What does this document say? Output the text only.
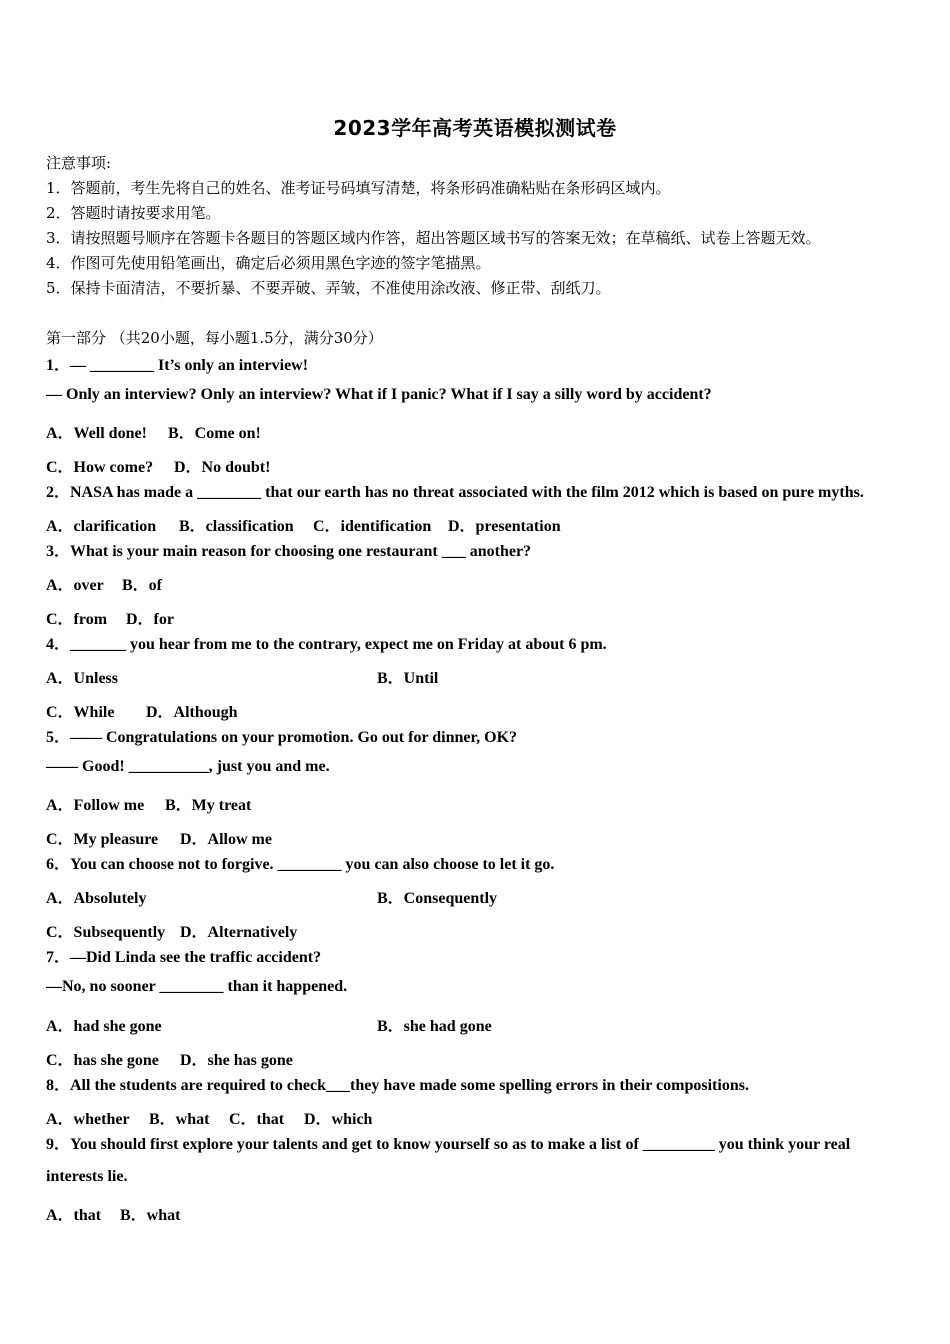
2023学年高考英语模拟测试卷
注意事项:
1．答题前，考生先将自己的姓名、准考证号码填写清楚，将条形码准确粘贴在条形码区域内。
2．答题时请按要求用笔。
3．请按照题号顺序在答题卡各题目的答题区域内作答，超出答题区域书写的答案无效；在草稿纸、试卷上答题无效。
4．作图可先使用铅笔画出，确定后必须用黑色字迹的签字笔描黑。
5．保持卡面清洁，不要折暴、不要弄破、弄皱，不准使用涂改液、修正带、刮纸刀。
第一部分 （共20小题，每小题1.5分，满分30分）
1．— ________ It’s only an interview!
— Only an interview? Only an interview? What if I panic? What if I say a silly word by accident?
A．Well done! B．Come on!
C．How come? D．No doubt!
2．NASA has made a ________ that our earth has no threat associated with the film 2012 which is based on pure myths.
A．clarification B．classification C．identification D．presentation
3．What is your main reason for choosing one restaurant ___ another?
A．over B．of
C．from D．for
4．_______ you hear from me to the contrary, expect me on Friday at about 6 pm.
A．Unless	B．Until
C．While D．Although
5．—— Congratulations on your promotion. Go out for dinner, OK?
—— Good! __________, just you and me.
A．Follow me B．My treat
C．My pleasure D．Allow me
6．You can choose not to forgive. ________ you can also choose to let it go.
A．Absolutely	B．Consequently
C．Subsequently D．Alternatively
7．—Did Linda see the traffic accident?
—No, no sooner ________ than it happened.
A．had she gone	B．she had gone
C．has she gone D．she has gone
8．All the students are required to check___they have made some spelling errors in their compositions.
A．whether B．what C．that D．which
9．You should first explore your talents and get to know yourself so as to make a list of _________ you think your real
interests lie.
A．that B．what
